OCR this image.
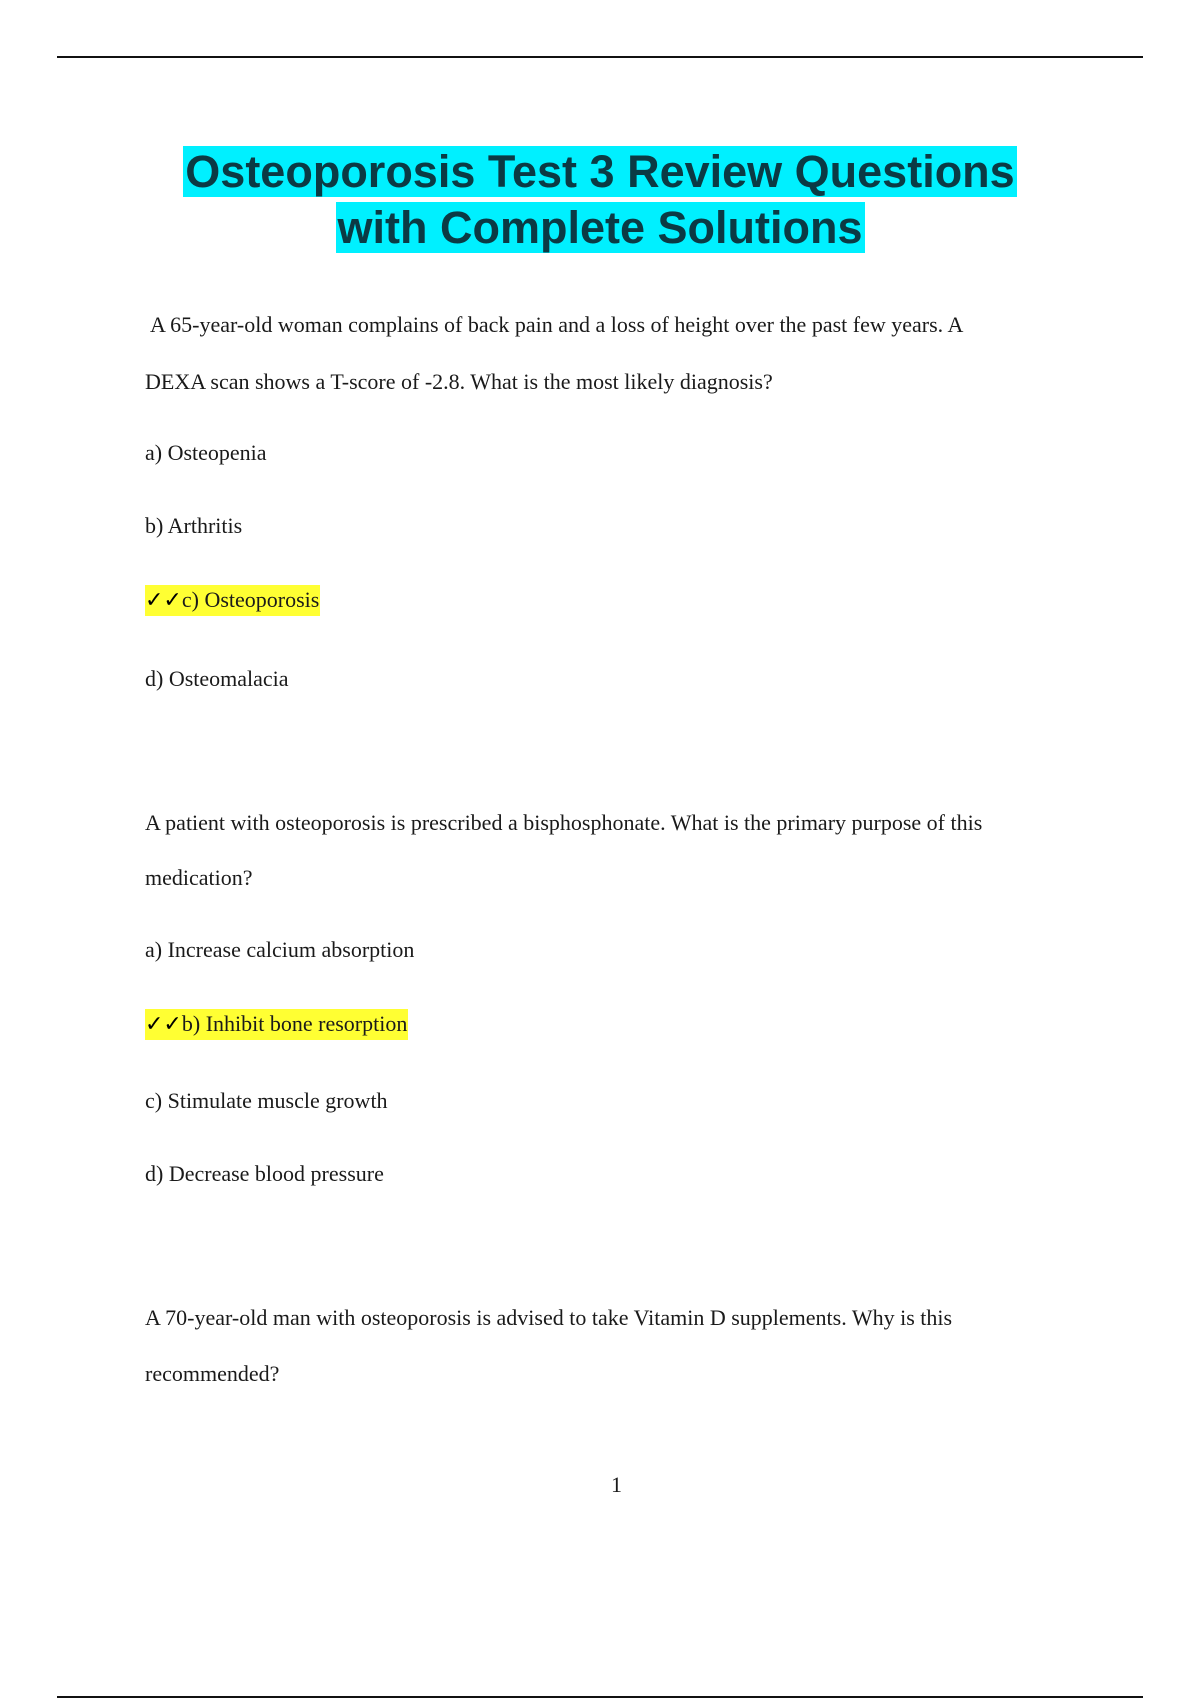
Osteoporosis Test 3 Review Questions
with Complete Solutions
A 65-year-old woman complains of back pain and a loss of height over the past few years. A
DEXA scan shows a T-score of -2.8. What is the most likely diagnosis?
a) Osteopenia
b) Arthritis
✓✓c) Osteoporosis
d) Osteomalacia
A patient with osteoporosis is prescribed a bisphosphonate. What is the primary purpose of this
medication?
a) Increase calcium absorption
✓✓b) Inhibit bone resorption
c) Stimulate muscle growth
d) Decrease blood pressure
A 70-year-old man with osteoporosis is advised to take Vitamin D supplements. Why is this
recommended?
1
